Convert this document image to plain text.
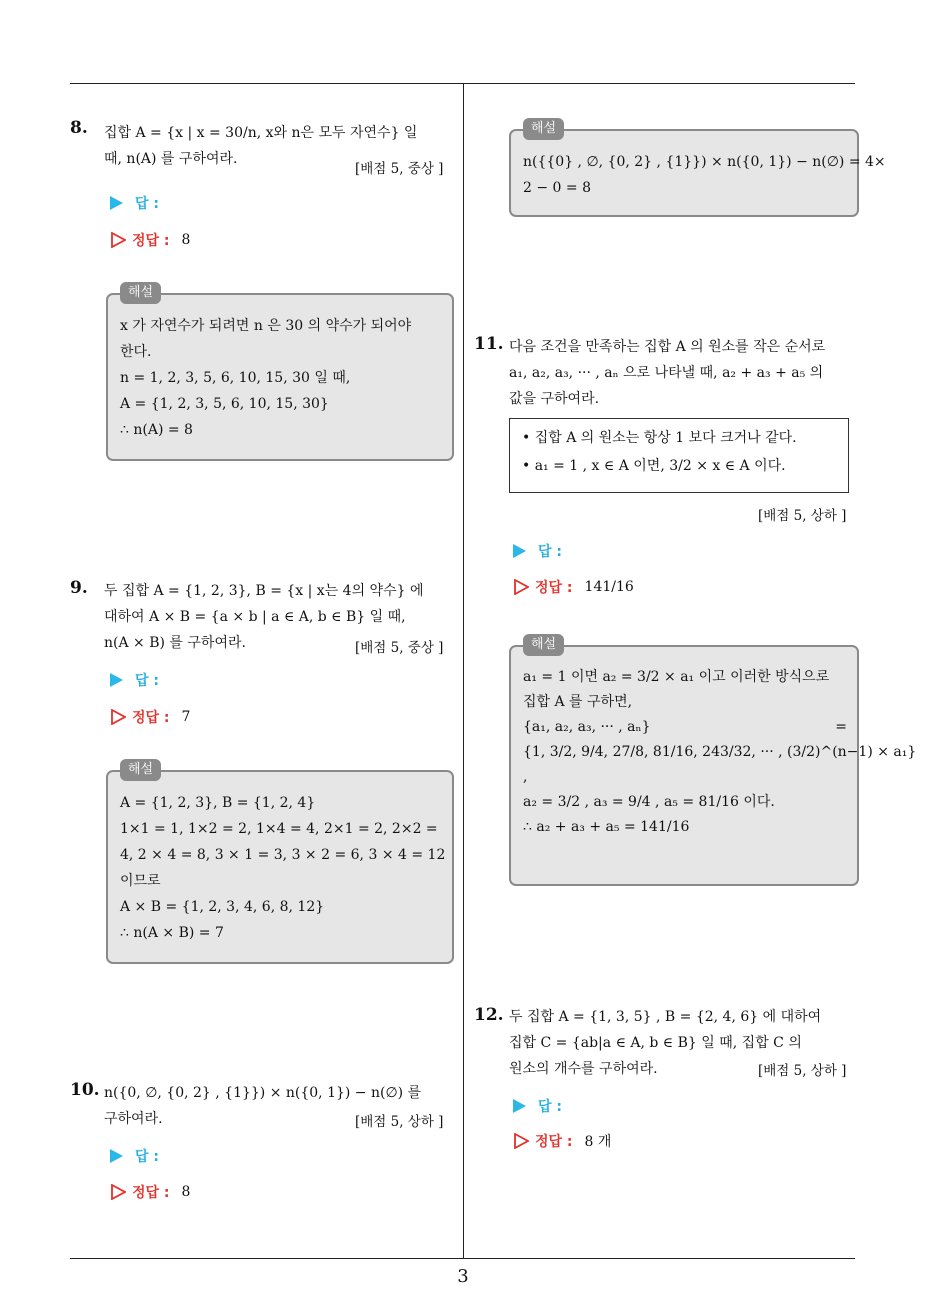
8. 집합 A = {x | x = 30/n, x와 n은 모두 자연수} 일
때, n(A) 를 구하여라.
[배점 5, 중상 ]
답 :
정답 : 8
해설
x 가 자연수가 되려면 n 은 30 의 약수가 되어야
한다.
n = 1, 2, 3, 5, 6, 10, 15, 30 일 때,
A = {1, 2, 3, 5, 6, 10, 15, 30}
∴ n(A) = 8
9. 두 집합 A = {1, 2, 3}, B = {x | x는 4의 약수} 에
대하여 A × B = {a × b | a ∈ A, b ∈ B} 일 때,
n(A × B) 를 구하여라.	[배점 5, 중상 ]
답 :
정답 : 7
해설
A = {1, 2, 3}, B = {1, 2, 4}
1×1 = 1, 1×2 = 2, 1×4 = 4, 2×1 = 2, 2×2 =
4, 2 × 4 = 8, 3 × 1 = 3, 3 × 2 = 6, 3 × 4 = 12
이므로
A × B = {1, 2, 3, 4, 6, 8, 12}
∴ n(A × B) = 7
10. n({0, ∅, {0, 2} , {1}}) × n({0, 1}) − n(∅) 를
구하여라.	[배점 5, 상하 ]
답 :
정답 : 8
해설
n({{0} , ∅, {0, 2} , {1}}) × n({0, 1}) − n(∅) = 4×
2 − 0 = 8
11. 다음 조건을 만족하는 집합 A 의 원소를 작은 순서로
a₁, a₂, a₃, ··· , aₙ 으로 나타낼 때, a₂ + a₃ + a₅ 의
값을 구하여라.
• 집합 A 의 원소는 항상 1 보다 크거나 같다.
• a₁ = 1 , x ∈ A 이면, 3/2 × x ∈ A 이다.
[배점 5, 상하 ]
답 :
정답 : 141/16
해설
a₁ = 1 이면 a₂ = 3/2 × a₁ 이고 이러한 방식으로
집합 A 를 구하면,
{a₁, a₂, a₃, ··· , aₙ}	=
{1, 3/2, 9/4, 27/8, 81/16, 243/32, ··· , (3/2)^(n−1) × a₁}
,
a₂ = 3/2 , a₃ = 9/4 , a₅ = 81/16 이다.
∴ a₂ + a₃ + a₅ = 141/16
12. 두 집합 A = {1, 3, 5} , B = {2, 4, 6} 에 대하여
집합 C = {ab|a ∈ A, b ∈ B} 일 때, 집합 C 의
원소의 개수를 구하여라.	[배점 5, 상하 ]
답 :
정답 : 8 개
3
